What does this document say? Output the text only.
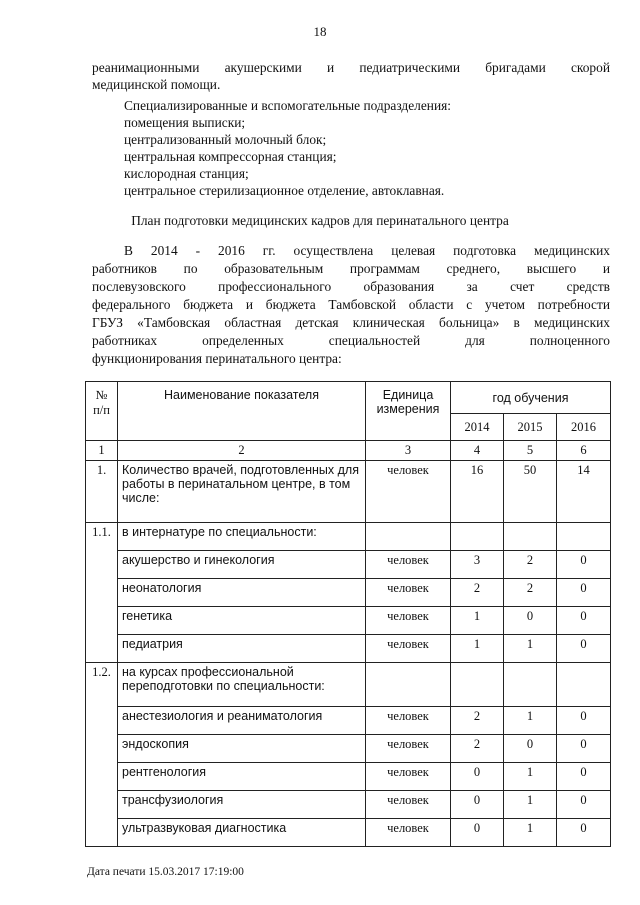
18
реанимационными акушерскими и педиатрическими бригадами скорой
медицинской помощи.
Специализированные и вспомогательные подразделения:
помещения выписки;
централизованный молочный блок;
центральная компрессорная станция;
кислородная станция;
центральное стерилизационное отделение, автоклавная.
План подготовки медицинских кадров для перинатального центра
В 2014 - 2016 гг. осуществлена целевая подготовка медицинских
работников по образовательным программам среднего, высшего и
послевузовского профессионального образования за счет средств
федерального бюджета и бюджета Тамбовской области с учетом потребности
ГБУЗ «Тамбовская областная детская клиническая больница» в медицинских
работниках определенных специальностей для полноценного
функционирования перинатального центра:
№ п/п	Наименование показателя	Единица измерения	год обучения		
			2014	2015	2016
1	2	3	4	5	6
1.	Количество врачей, подготовленных для работы в перинатальном центре, в том числе:	человек	16	50	14
1.1.	в интернатуре по специальности:				
	акушерство и гинекология	человек	3	2	0
	неонатология	человек	2	2	0
	генетика	человек	1	0	0
	педиатрия	человек	1	1	0
1.2.	на курсах профессиональной переподготовки по специальности:				
	анестезиология и реаниматология	человек	2	1	0
	эндоскопия	человек	2	0	0
	рентгенология	человек	0	1	0
	трансфузиология	человек	0	1	0
	ультразвуковая диагностика	человек	0	1	0
Дата печати 15.03.2017 17:19:00
